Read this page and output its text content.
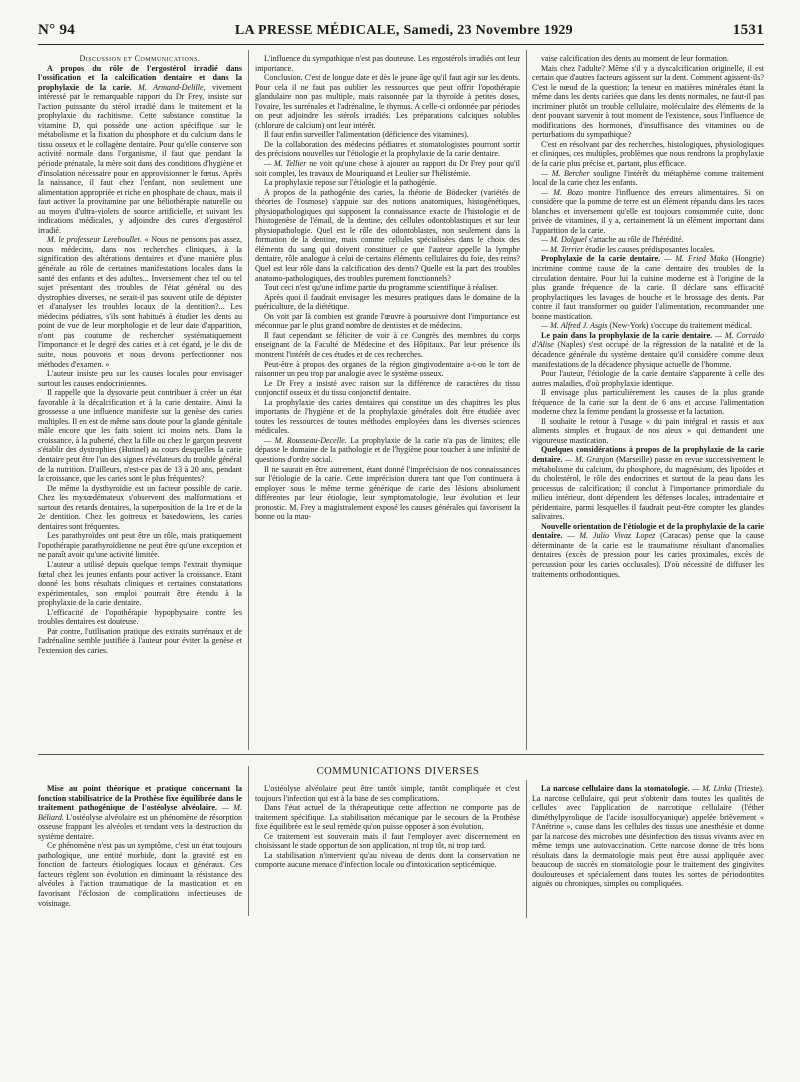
N° 94	LA PRESSE MÉDICALE, Samedi, 23 Novembre 1929	1531

Discussion et Communications.

A propos du rôle de l'ergostérol irradié dans l'ossification et la calcification dentaire et dans la prophylaxie de la carie. M. Armand-Delille, vivement intéressé par le remarquable rapport du Dr Frey, insiste sur l'action puissante du stérol irradié dans le traitement et la prophylaxie du rachitisme. Cette substance constitue la vitamine D, qui possède une action spécifique sur le métabolisme et la fixation du phosphore et du calcium dans le tissu osseux et le collagène dentaire. Pour qu'elle conserve son activité normale dans l'organisme, il faut que pendant la période prénatale, la mère soit dans des conditions d'hygiène et d'insolation nécessaire pour en approvisionner le fœtus. Après la naissance, il faut chez l'enfant, non seulement une alimentation appropriée et riche en phosphate de chaux, mais il faut activer la provitamine par une héliothérapie naturelle ou au moyen d'ultra-violets de source artificielle, et suivant les indications médicales, y adjoindre des cures d'ergostérol irradié.

M. le professeur Lereboullet. « Nous ne pensons pas assez, nous médecins, dans nos recherches cliniques, à la signification des altérations dentaires et d'une manière plus générale au rôle de certaines manifestations locales dans la santé des enfants et des adultes... Inversement chez tel ou tel sujet présentant des troubles de l'état général ou des dystrophies diverses, ne serait-il pas souvent utile de dépister et d'analyser les troubles locaux de la dentition?... Les médecins pédiatres, s'ils sont habitués à étudier les dents au point de vue de leur morphologie et de leur date d'apparition, n'ont pas coutume de rechercher systématiquement l'importance et le degré des caries et à cet égard, je le dis de suite, nous pouvons et nous devons perfectionner nos méthodes d'examen. »

L'auteur insiste peu sur les causes locales pour envisager surtout les causes endocriniennes.

Il rappelle que la dysovarie peut contribuer à créer un état favorable à la décalcification et à la carie dentaire. Ainsi la grossesse a une influence manifeste sur la genèse des caries multiples. Il en est de même sans doute pour la glande génitale mâle encore que les faits soient ici moins nets. Dans la croissance, à la puberté, chez la fille ou chez le garçon peuvent s'établir des dystrophies (Hutinel) au cours desquelles la carie dentaire peut être l'un des signes révélateurs du trouble général de la nutrition. D'ailleurs, n'est-ce pas de 13 à 20 ans, pendant la croissance, que les caries sont le plus fréquentes?

De même la dysthyroïdie est un facteur possible de carie. Chez les myxœdémateux s'observent des malformations et surtout des retards dentaires, la superposition de la 1re et de la 2e dentition. Chez les goitreux et basedowiens, les caries dentaires sont fréquentes.

Les parathyroïdes ont peut être un rôle, mais pratiquement l'opothérapie parathyroïdienne ne peut être qu'une exception et ne paraît avoir qu'une activité limitée.

L'auteur a utilisé depuis quelque temps l'extrait thymique fœtal chez les jeunes enfants pour activer la croissance. Etant donné les bons résultats cliniques et certaines constatations expérimentales, son emploi pourrait être étendu à la prophylaxie de la carie dentaire.

L'efficacité de l'opothérapie hypophysaire contre les troubles dentaires est douteuse.

Par contre, l'utilisation pratique des extraits surrénaux et de l'adrénaline semble justifiée à l'auteur pour éviter la genèse et l'extension des caries.

L'influence du sympathique n'est pas douteuse. Les ergostérols irradiés ont leur importance.

Conclusion. C'est de longue date et dès le jeune âge qu'il faut agir sur les dents. Pour cela il ne faut pas oublier les ressources que peut offrir l'opothérapie glandulaire non pas multiple, mais raisonnée par la thyroïde à petites doses, l'ovaire, les surrénales et l'adrénaline, le thymus. A celle-ci ordonnée par périodes on peut adjoindre les stérols irradiés. Les préparations calciques solubles (chlorure de calcium) ont leur intérêt.

Il faut enfin surveiller l'alimentation (déficience des vitamines).

De la collaboration des médecins pédiatres et stomatologistes pourront sortir des précisions nouvelles sur l'étiologie et la prophylaxie de la carie dentaire.

— M. Tellier ne voit qu'une chose à ajouter au rapport du Dr Frey pour qu'il soit complet, les travaux de Mouriquand et Leulier sur l'hélistémie.

La prophylaxie repose sur l'étiologie et la pathogénie.

A propos de la pathogénie des caries, la théorie de Bödecker (variétés de théories de l'osmose) s'appuie sur des notions anatomiques, histogénétiques, physiopathologiques qui supposent la connaissance exacte de l'histologie et de l'histogenèse de l'émail, de la dentine, des cellules odontoblastiques et sur leur physiopathologie. Quel est le rôle des odontoblastes, non seulement dans la formation de la dentine, mais comme cellules spécialisées dans le choix des éléments du sang qui doivent constituer ce que l'auteur appelle la lymphe dentaire, rôle analogue à celui de certains éléments cellulaires du foie, des reins? Quel est leur rôle dans la calcification des dents? Quelle est la part des troubles anatomo-pathologiques, des troubles purement fonctionnels?

Tout ceci n'est qu'une infime partie du programme scientifique à réaliser.

Après quoi il faudrait envisager les mesures pratiques dans le domaine de la puériculture, de la diététique.

On voit par là combien est grande l'œuvre à poursuivre dont l'importance est méconnue par le plus grand nombre de dentistes et de médecins.

Il faut cependant se féliciter de voir à ce Congrès des membres du corps enseignant de la Faculté de Médecine et des Hôpitaux. Par leur présence ils montrent l'intérêt de ces études et de ces recherches.

Peut-être à propos des organes de la région gingivodentaire a-t-on le tort de raisonner un peu trop par analogie avec le système osseux.

Le Dr Frey a insisté avec raison sur la différence de caractères du tissu conjonctif osseux et du tissu conjonctif dentaire.

La prophylaxie des caries dentaires qui constitue un des chapitres les plus importants de l'hygiène et de la prophylaxie générales doit être étudiée avec toutes les ressources de toutes méthodes employées dans les diverses sciences médicales.

— M. Rousseau-Decelle. La prophylaxie de la carie n'a pas de limites; elle dépasse le domaine de la pathologie et de l'hygiène pour toucher à une infinité de questions d'ordre social.

Il ne saurait en être autrement, étant donné l'imprécision de nos connaissances sur l'étiologie de la carie. Cette imprécision durera tant que l'on continuera à employer sous le même terme générique de carie des lésions absolument différentes par leur étiologie, leur symptomatologie, leur évolution et leur pronostic. M. Frey a magistralement exposé les causes générales qui favorisent la bonne ou la mau-

vaise calcification des dents au moment de leur formation.

Mais chez l'adulte? Même s'il y a dyscalcification originelle, il est certain que d'autres facteurs agissent sur la dent. Comment agissent-ils? C'est le nœud de la question; la teneur en matières minérales étant la même dans les dents cariées que dans les dents normales, ne faut-il pas incriminer plutôt un trouble cellulaire, moléculaire des éléments de la dent pouvant survenir à tout moment de l'existence, sous l'influence de modifications des hormones, d'insuffisance des vitamines ou de perturbations du sympathique?

C'est en résolvant par des recherches, histologiques, physiologiques et cliniques, ces multiples, problèmes que nous rendrons la prophylaxie de la carie plus précise et, partant, plus efficace.

— M. Bercher souligne l'intérêt du métaphème comme traitement local de la carie chez les enfants.

— M. Bozo montre l'influence des erreurs alimentaires. Si on considère que la pomme de terre est un élément répandu dans les races blanches et inversement qu'elle est toujours consommée cuite, donc privée de vitamines, il y a, certainement là un élément important dans l'apparition de la carie.

— M. Dolguel s'attache au rôle de l'hérédité.

— M. Terrier étudie les causes prédisposantes locales.

Prophylaxie de la carie dentaire. — M. Fried Mako (Hongrie) incrimine comme cause de la carie dentaire des troubles de la circulation dentaire. Pour lui la cuisine moderne est à l'origine de la plus grande fréquence de la carie. Il déclare sans efficacité prophylactiques les lavages de bouche et le brossage des dents. Par contre il faut transformer ou guider l'alimentation, recommander une bonne mastication.

— M. Alfred J. Asgis (New-York) s'occupe du traitement médical.

Le pain dans la prophylaxie de la carie dentaire. — M. Corrado d'Alise (Naples) s'est occupé de la régression de la natalité et de la décadence générale du système dentaire qu'il considère comme deux manifestations de la décadence physique actuelle de l'homme.

Pour l'auteur, l'étiologie de la carie dentaire s'apparente à celle des autres maladies, d'où prophylaxie identique.

Il envisage plus particulièrement les causes de la plus grande fréquence de la carie sur la dent de 6 ans et accuse l'alimentation moderne chez la femme pendant la grossesse et la lactation.

Il souhaite le retour à l'usage « du pain intégral et rassis et aux aliments simples et frugaux de nos aïeux » qui demandent une vigoureuse mastication.

Quelques considérations à propos de la prophylaxie de la carie dentaire. — M. Granjon (Marseille) passe en revue successivement le métabolisme du calcium, du phosphore, du magnésium, des lipoïdes et du cholestérol, le rôle des endocrines et surtout de la peau dans les processus de calcification; il conclut à l'importance primordiale du milieu intérieur, dont dépendent les défenses locales, intradentaire et péridentaire, parmi lesquelles il faudrait peut-être compter les glandes salivaires.

Nouvelle orientation de l'étiologie et de la prophylaxie de la carie dentaire. — M. Julio Vivaz Lopez (Caracas) pense que la cause déterminante de la carie est le traumatisme résultant d'anomalies dentaires (excès de pression pour les caries proximales, excès de percussion pour les caries occlusales). D'où nécessité de diffuser les traitements orthodontiques.

COMMUNICATIONS DIVERSES

Mise au point théorique et pratique concernant la fonction stabilisatrice de la Prothèse fixe équilibrée dans le traitement pathogénique de l'ostéolyse alvéolaire. — M. Béliard. L'ostéolyse alvéolaire est un phénomène de résorption osseuse frappant les alvéoles et tendant vers la destruction du système dentaire.

Ce phénomène n'est pas un symptôme, c'est un état toujours pathologique, une entité morbide, dont la gravité est en fonction de facteurs étiologiques locaux et généraux. Ces facteurs règlent son évolution en diminuant la résistance des alvéoles à l'action traumatique de la mastication et en favorisant l'éclosion de complications infectieuses de voisinage.

L'ostéolyse alvéolaire peut être tantôt simple, tantôt compliquée et c'est toujours l'infection qui est à la base de ses complications.

Dans l'état actuel de la thérapeutique cette affection ne comporte pas de traitement spécifique. La stabilisation mécanique par le secours de la Prothèse fixe équilibrée est le seul remède qu'on puisse opposer à son évolution.

Ce traitement est souverain mais il faut l'employer avec discernement en choisissant le stade opportun de son application, ni trop tôt, ni trop tard.

La stabilisation n'intervient qu'au niveau de dents dont la conservation ne comporte aucune menace d'infection locale ou d'intoxication septicémique.

La narcose cellulaire dans la stomatologie. — M. Linka (Trieste). La narcose cellulaire, qui peut s'obtenir dans toutes les qualités de cellules avec l'application de narcotique cellulaire (l'éther diméthylpyrolique de l'acide isosulfocyanique) appelée brièvement « l'Anétrine », cause dans les cellules des tissus une anesthésie et donne par la narcose des microbes une désinfection des tissus vivants avec en même temps une autovaccination. Cette narcose donne de très bons résultats dans la dermatologie mais peut être aussi appliquée avec beaucoup de succès en stomatologie pour le traitement des gingivites douloureuses et spécialement dans toutes les sortes de périodontites aiguës ou chroniques, simples ou compliquées.
